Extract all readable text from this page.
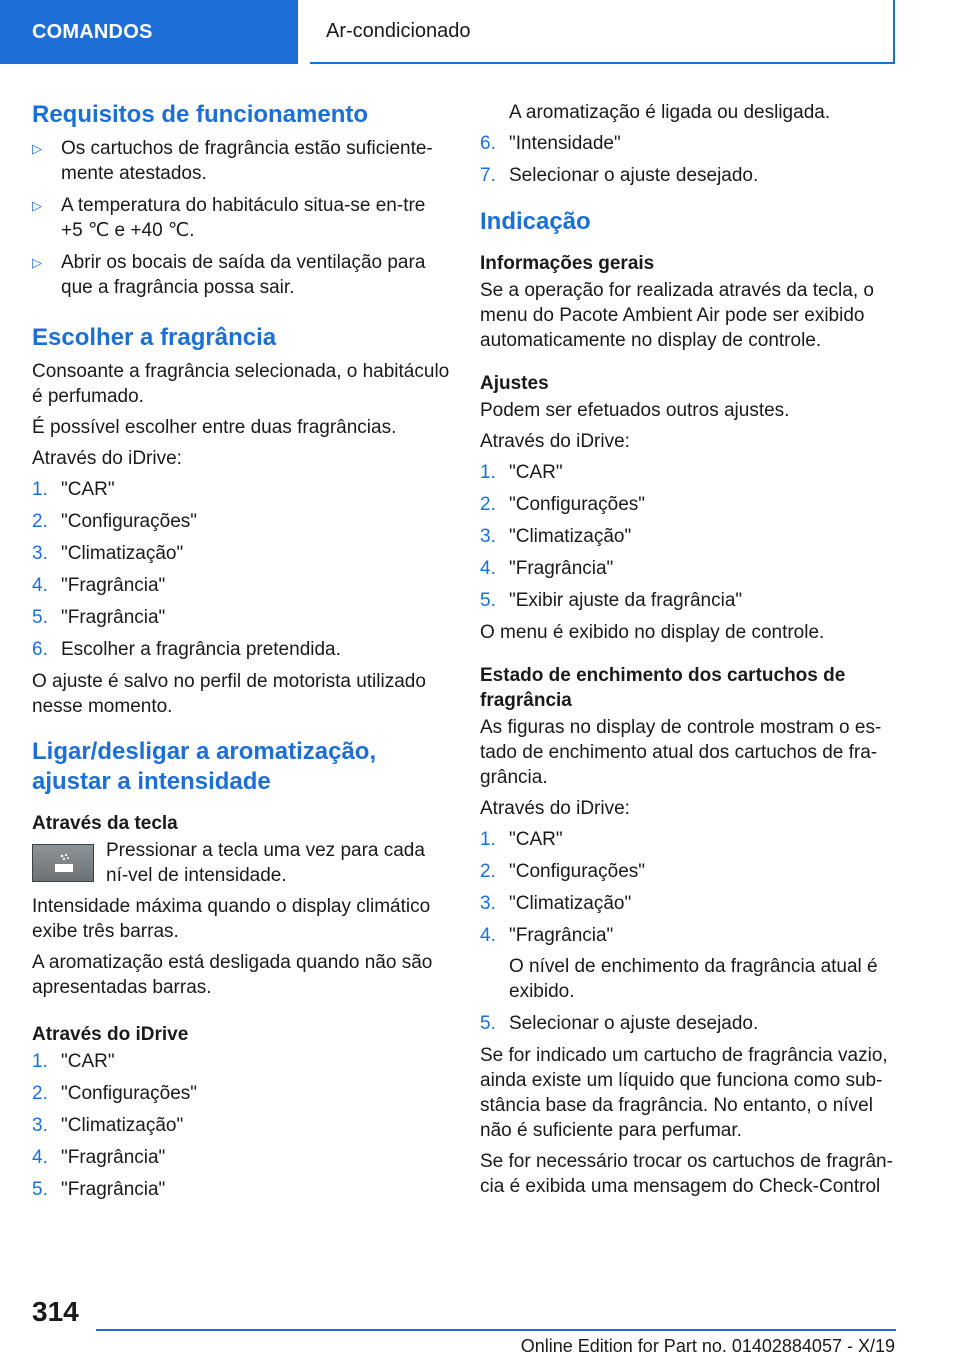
COMANDOS	Ar-condicionado
Requisitos de funcionamento
▷ Os cartuchos de fragrância estão suficiente‐mente atestados.
▷ A temperatura do habitáculo situa-se en‐tre +5 ℃ e +40 ℃.
▷ Abrir os bocais de saída da ventilação para que a fragrância possa sair.
Escolher a fragrância

Consoante a fragrância selecionada, o habitáculo é perfumado.

É possível escolher entre duas fragrâncias.

Através do iDrive:

1. "CAR"
2. "Configurações"
3. "Climatização"
4. "Fragrância"
5. "Fragrância"
6. Escolher a fragrância pretendida.

O ajuste é salvo no perfil de motorista utilizado nesse momento.

Ligar/desligar a aromatização, ajustar a intensidade
Através da tecla

Pressionar a tecla uma vez para cada ní‐vel de intensidade.

Intensidade máxima quando o display climático exibe três barras.

A aromatização está desligada quando não são apresentadas barras.

Através do iDrive
1. "CAR"
2. "Configurações"
3. "Climatização"
4. "Fragrância"
5. "Fragrância"

A aromatização é ligada ou desligada.

6. "Intensidade"
7. Selecionar o ajuste desejado.
Indicação
Informações gerais

Se a operação for realizada através da tecla, o menu do Pacote Ambient Air pode ser exibido automaticamente no display de controle.

Ajustes

Podem ser efetuados outros ajustes.

Através do iDrive:

1. "CAR"
2. "Configurações"
3. "Climatização"
4. "Fragrância"
5. "Exibir ajuste da fragrância"

O menu é exibido no display de controle.

Estado de enchimento dos cartuchos de fragrância

As figuras no display de controle mostram o es‐tado de enchimento atual dos cartuchos de fra‐grância.

Através do iDrive:

1. "CAR"
2. "Configurações"
3. "Climatização"
4. "Fragrância"
O nível de enchimento da fragrância atual é exibido.
5. Selecionar o ajuste desejado.

Se for indicado um cartucho de fragrância vazio, ainda existe um líquido que funciona como sub‐stância base da fragrância. No entanto, o nível não é suficiente para perfumar.

Se for necessário trocar os cartuchos de fragrân‐cia é exibida uma mensagem do Check-Control

314
Online Edition for Part no. 01402884057 - X/19
